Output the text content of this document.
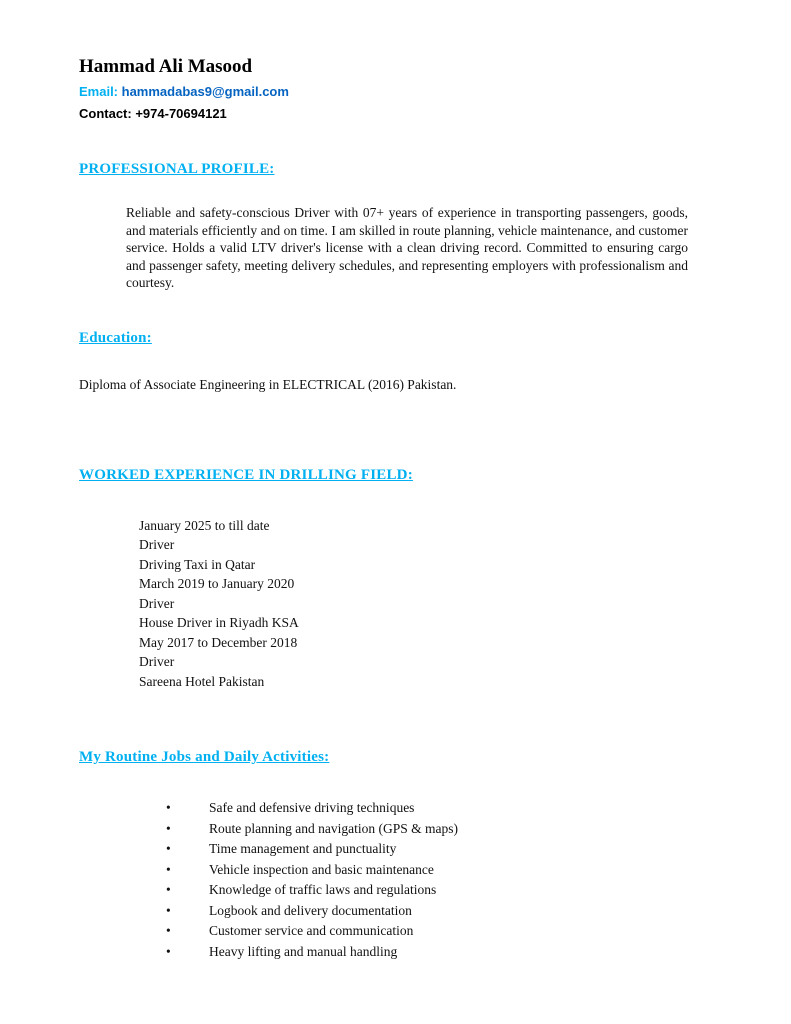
Hammad Ali Masood
Email: hammadabas9@gmail.com
Contact: +974-70694121
PROFESSIONAL PROFILE:

Reliable and safety-conscious Driver with 07+ years of experience in transporting passengers, goods, and materials efficiently and on time. I am skilled in route planning, vehicle maintenance, and customer service. Holds a valid LTV driver's license with a clean driving record. Committed to ensuring cargo and passenger safety, meeting delivery schedules, and representing employers with professionalism and courtesy.

Education:

Diploma of Associate Engineering in ELECTRICAL (2016) Pakistan.

WORKED EXPERIENCE IN DRILLING FIELD:
January 2025 to till date
Driver
Driving Taxi in Qatar
March 2019 to January 2020
Driver
House Driver in Riyadh KSA
May 2017 to December 2018
Driver
Sareena Hotel Pakistan
My Routine Jobs and Daily Activities:
• Safe and defensive driving techniques
• Route planning and navigation (GPS & maps)
• Time management and punctuality
• Vehicle inspection and basic maintenance
• Knowledge of traffic laws and regulations
• Logbook and delivery documentation
• Customer service and communication
• Heavy lifting and manual handling
